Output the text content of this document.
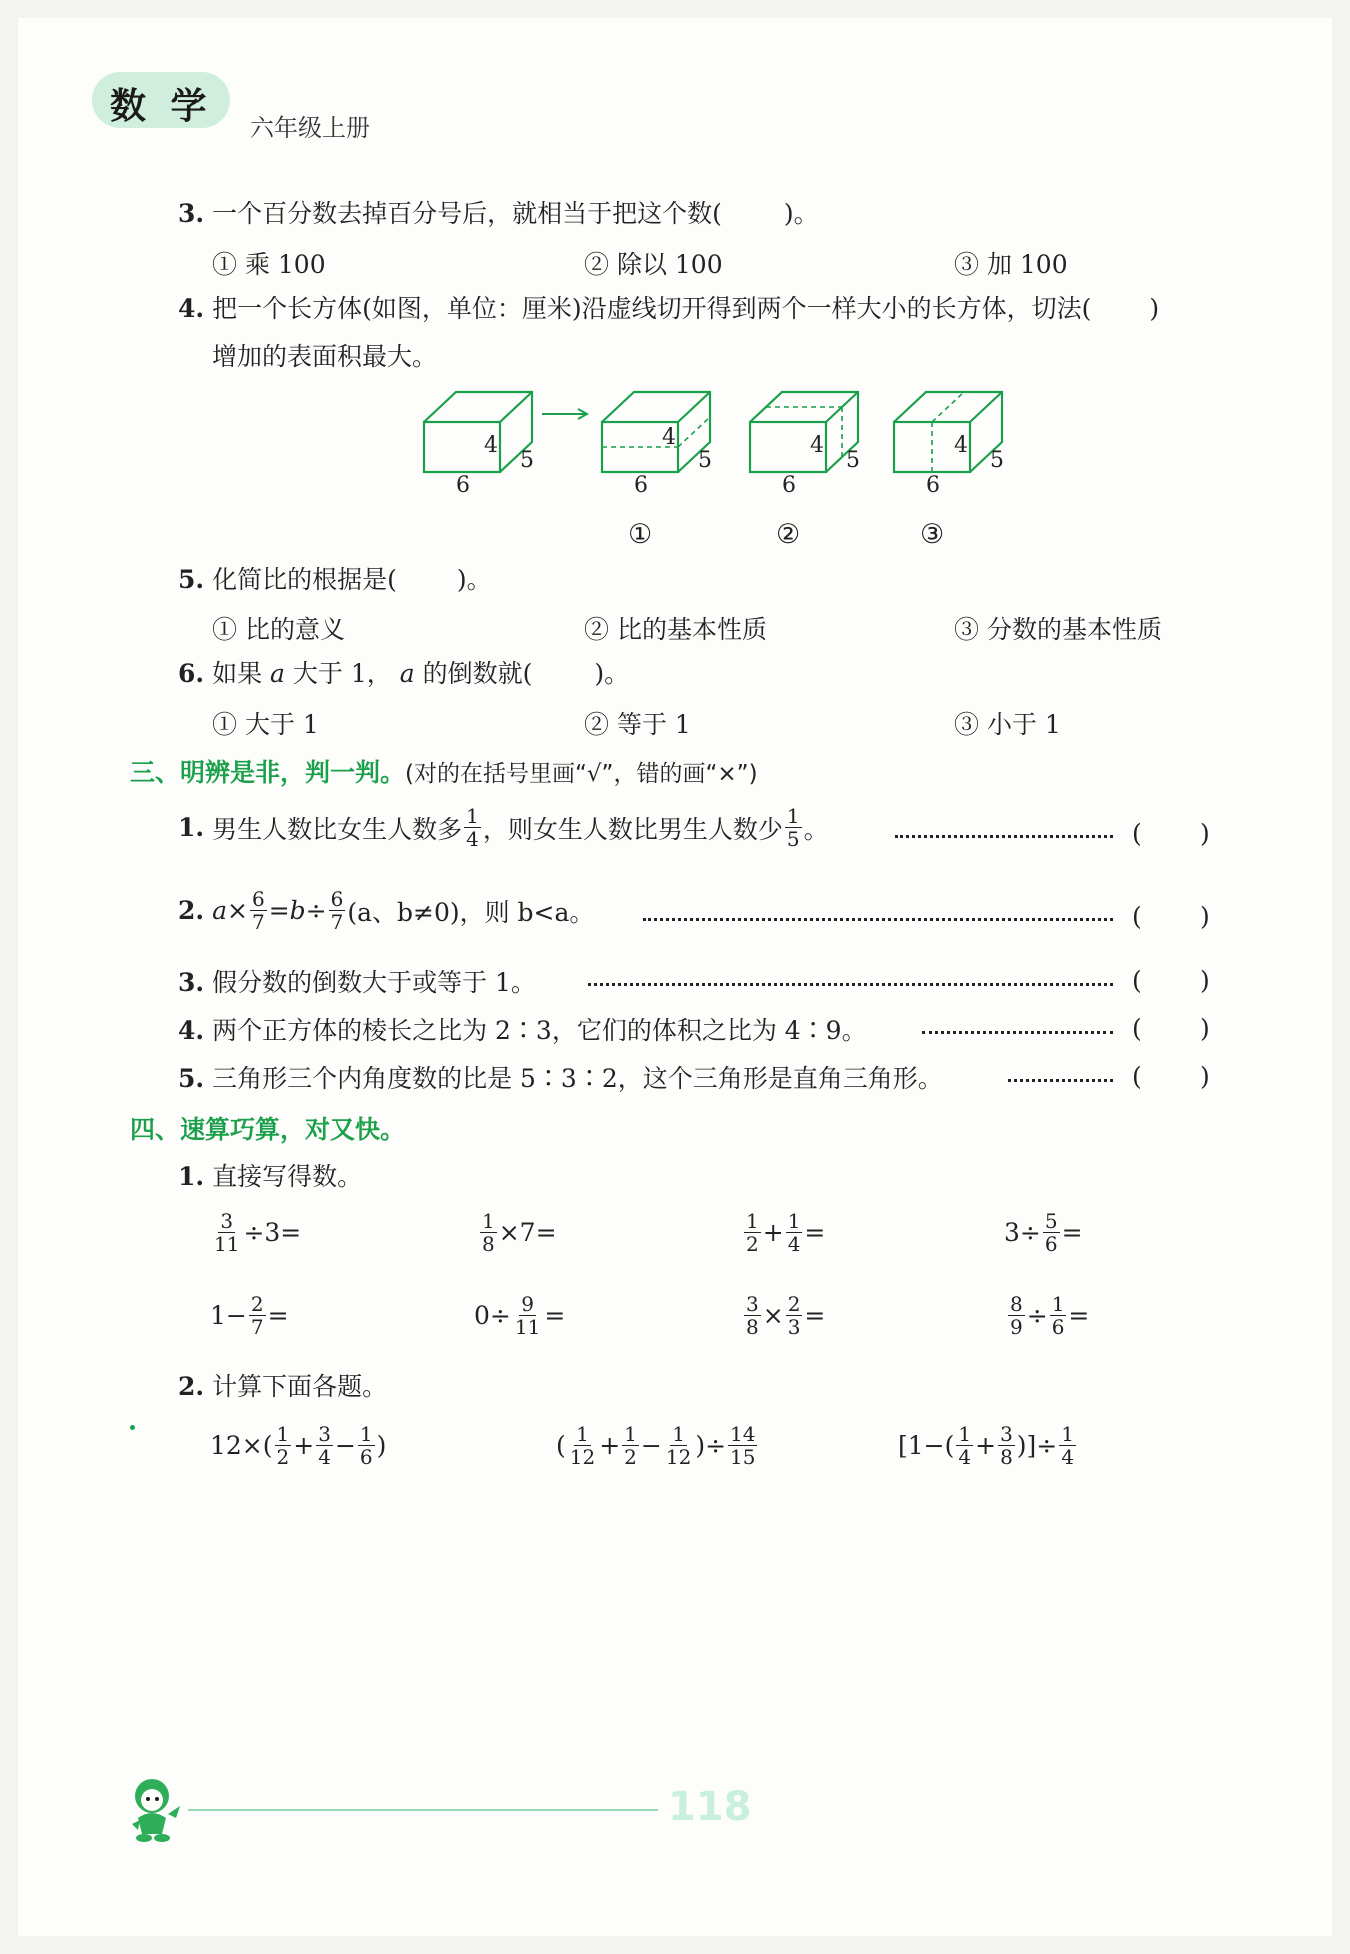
数 学
六年级上册
3. 一个百分数去掉百分号后，就相当于把这个数( )。
① 乘 100	② 除以 100	③ 加 100
4. 把一个长方体(如图，单位：厘米)沿虚线切开得到两个一样大小的长方体，切法( )
增加的表面积最大。
4
5
6
4
5
6
4
5
6
4
5
6
①	②	③
5. 化简比的根据是( )。
① 比的意义	② 比的基本性质	③ 分数的基本性质
6. 如果 a 大于 1， a 的倒数就( )。
① 大于 1	② 等于 1	③ 小于 1
三、明辨是非，判一判。(对的在括号里画“√”，错的画“×”)
1. 男生人数比女生人数多 $\frac{1}{4}$ ，则女生人数比男生人数少 $\frac{1}{5}$ 。	( )
2. $a\times \frac{6}{7} =b\div \frac{6}{7} (a$、b≠0)，则 b<a。	( )
3. 假分数的倒数大于或等于 1。	( )
4. 两个正方体的棱长之比为 2∶3，它们的体积之比为 4∶9。	( )
5. 三角形三个内角度数的比是 5∶3∶2，这个三角形是直角三角形。	( )
四、速算巧算，对又快。
1. 直接写得数。
$\frac{3}{11} \div 3=$	$\frac{1}{8} \times 7=$	$\frac{1}{2} + \frac{1}{4}$ =	$3\div \frac{5}{6}$ =
$1- \frac{2}{7}$ =	$0\div \frac{9}{11}$ =	$\frac{3}{8} \times \frac{2}{3}$ =	$\frac{8}{9} \div \frac{1}{6}$ =
2. 计算下面各题。
$12\times( \frac{1}{2} + \frac{3}{4} - \frac{1}{6}$ )	( $\frac{1}{12} + \frac{1}{2} - \frac{1}{12}$ )÷ $\frac{14}{15}$	[$1-( \frac{1}{4} + \frac{3}{8}$ )]÷ $\frac{1}{4}$
118
